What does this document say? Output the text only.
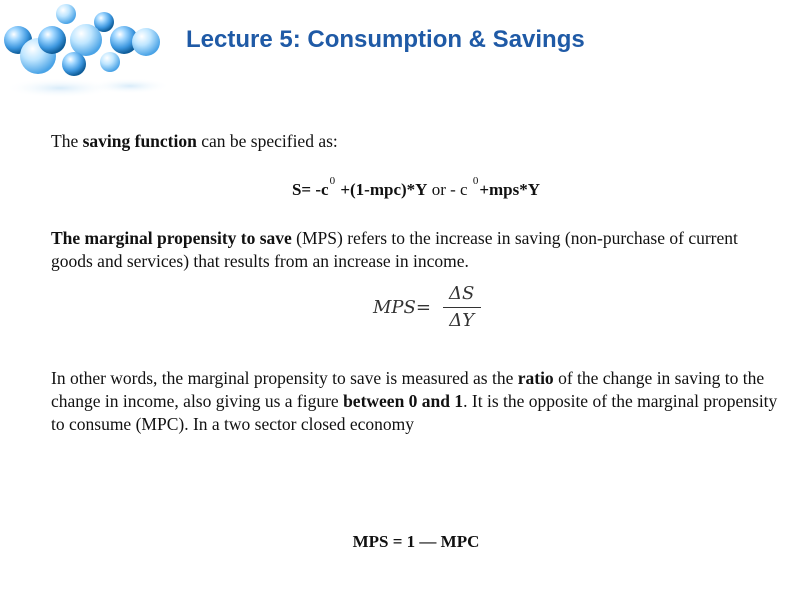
Lecture 5: Consumption & Savings

The saving function can be specified as:

$S= -c^0 +(1-mpc)*Y$ or - c $^0$+mps*Y

The marginal propensity to save (MPS) refers to the increase in saving (non-purchase of current goods and services) that results from an increase in income.

$MPS= \frac{\Delta S}{\Delta Y}$

In other words, the marginal propensity to save is measured as the ratio of the change in saving to the change in income, also giving us a figure between 0 and 1. It is the opposite of the marginal propensity to consume (MPC). In a two sector closed economy

MPS = 1 — MPC
